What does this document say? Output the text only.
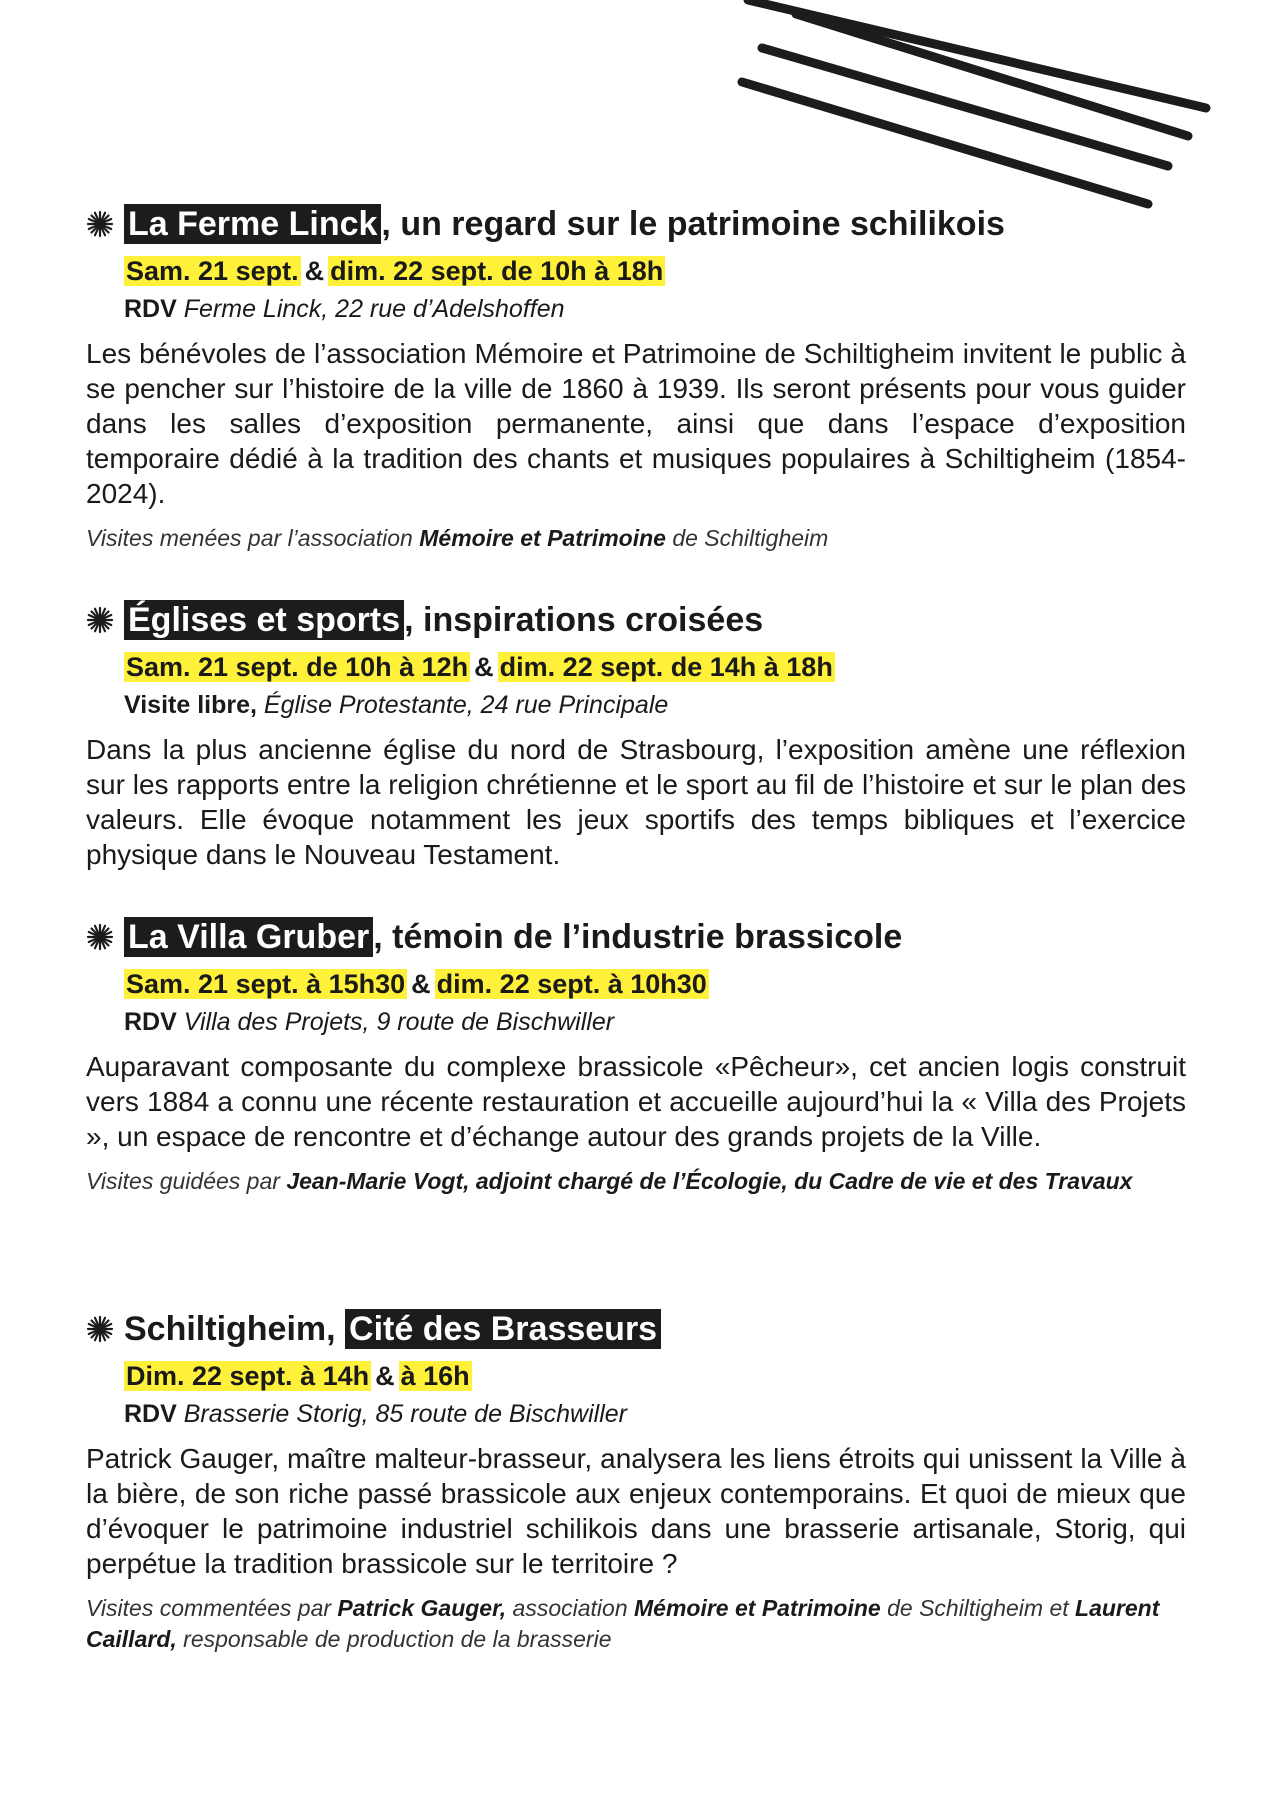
La Ferme Linck , un regard sur le patrimoine schilikois
Sam. 21 sept. & dim. 22 sept. de 10h à 18h
RDV Ferme Linck, 22 rue d’Adelshoffen
Les bénévoles de l’association Mémoire et Patrimoine de Schiltigheim invitent le public à se pencher sur l’histoire de la ville de 1860 à 1939. Ils seront présents pour vous guider dans les salles d’exposition permanente, ainsi que dans l’espace d’exposition temporaire dédié à la tradition des chants et musiques populaires à Schiltigheim (1854-2024).
Visites menées par l’association Mémoire et Patrimoine de Schiltigheim
Églises et sports , inspirations croisées
Sam. 21 sept. de 10h à 12h & dim. 22 sept. de 14h à 18h
Visite libre, Église Protestante, 24 rue Principale
Dans la plus ancienne église du nord de Strasbourg, l’exposition amène une réflexion sur les rapports entre la religion chrétienne et le sport au fil de l’histoire et sur le plan des valeurs. Elle évoque notamment les jeux sportifs des temps bibliques et l’exercice physique dans le Nouveau Testament.
La Villa Gruber , témoin de l’industrie brassicole
Sam. 21 sept. à 15h30 & dim. 22 sept. à 10h30
RDV Villa des Projets, 9 route de Bischwiller
Auparavant composante du complexe brassicole «Pêcheur», cet ancien logis construit vers 1884 a connu une récente restauration et accueille aujourd’hui la « Villa des Projets », un espace de rencontre et d’échange autour des grands projets de la Ville.
Visites guidées par Jean-Marie Vogt, adjoint chargé de l’Écologie, du Cadre de vie et des Travaux
Schiltigheim,
Cité des Brasseurs
Dim. 22 sept. à 14h & à 16h
RDV Brasserie Storig, 85 route de Bischwiller
Patrick Gauger, maître malteur-brasseur, analysera les liens étroits qui unissent la Ville à la bière, de son riche passé brassicole aux enjeux contemporains. Et quoi de mieux que d’évoquer le patrimoine industriel schilikois dans une brasserie artisanale, Storig, qui perpétue la tradition brassicole sur le territoire ?
Visites commentées par Patrick Gauger, association Mémoire et Patrimoine de Schiltigheim et Laurent Caillard, responsable de production de la brasserie
